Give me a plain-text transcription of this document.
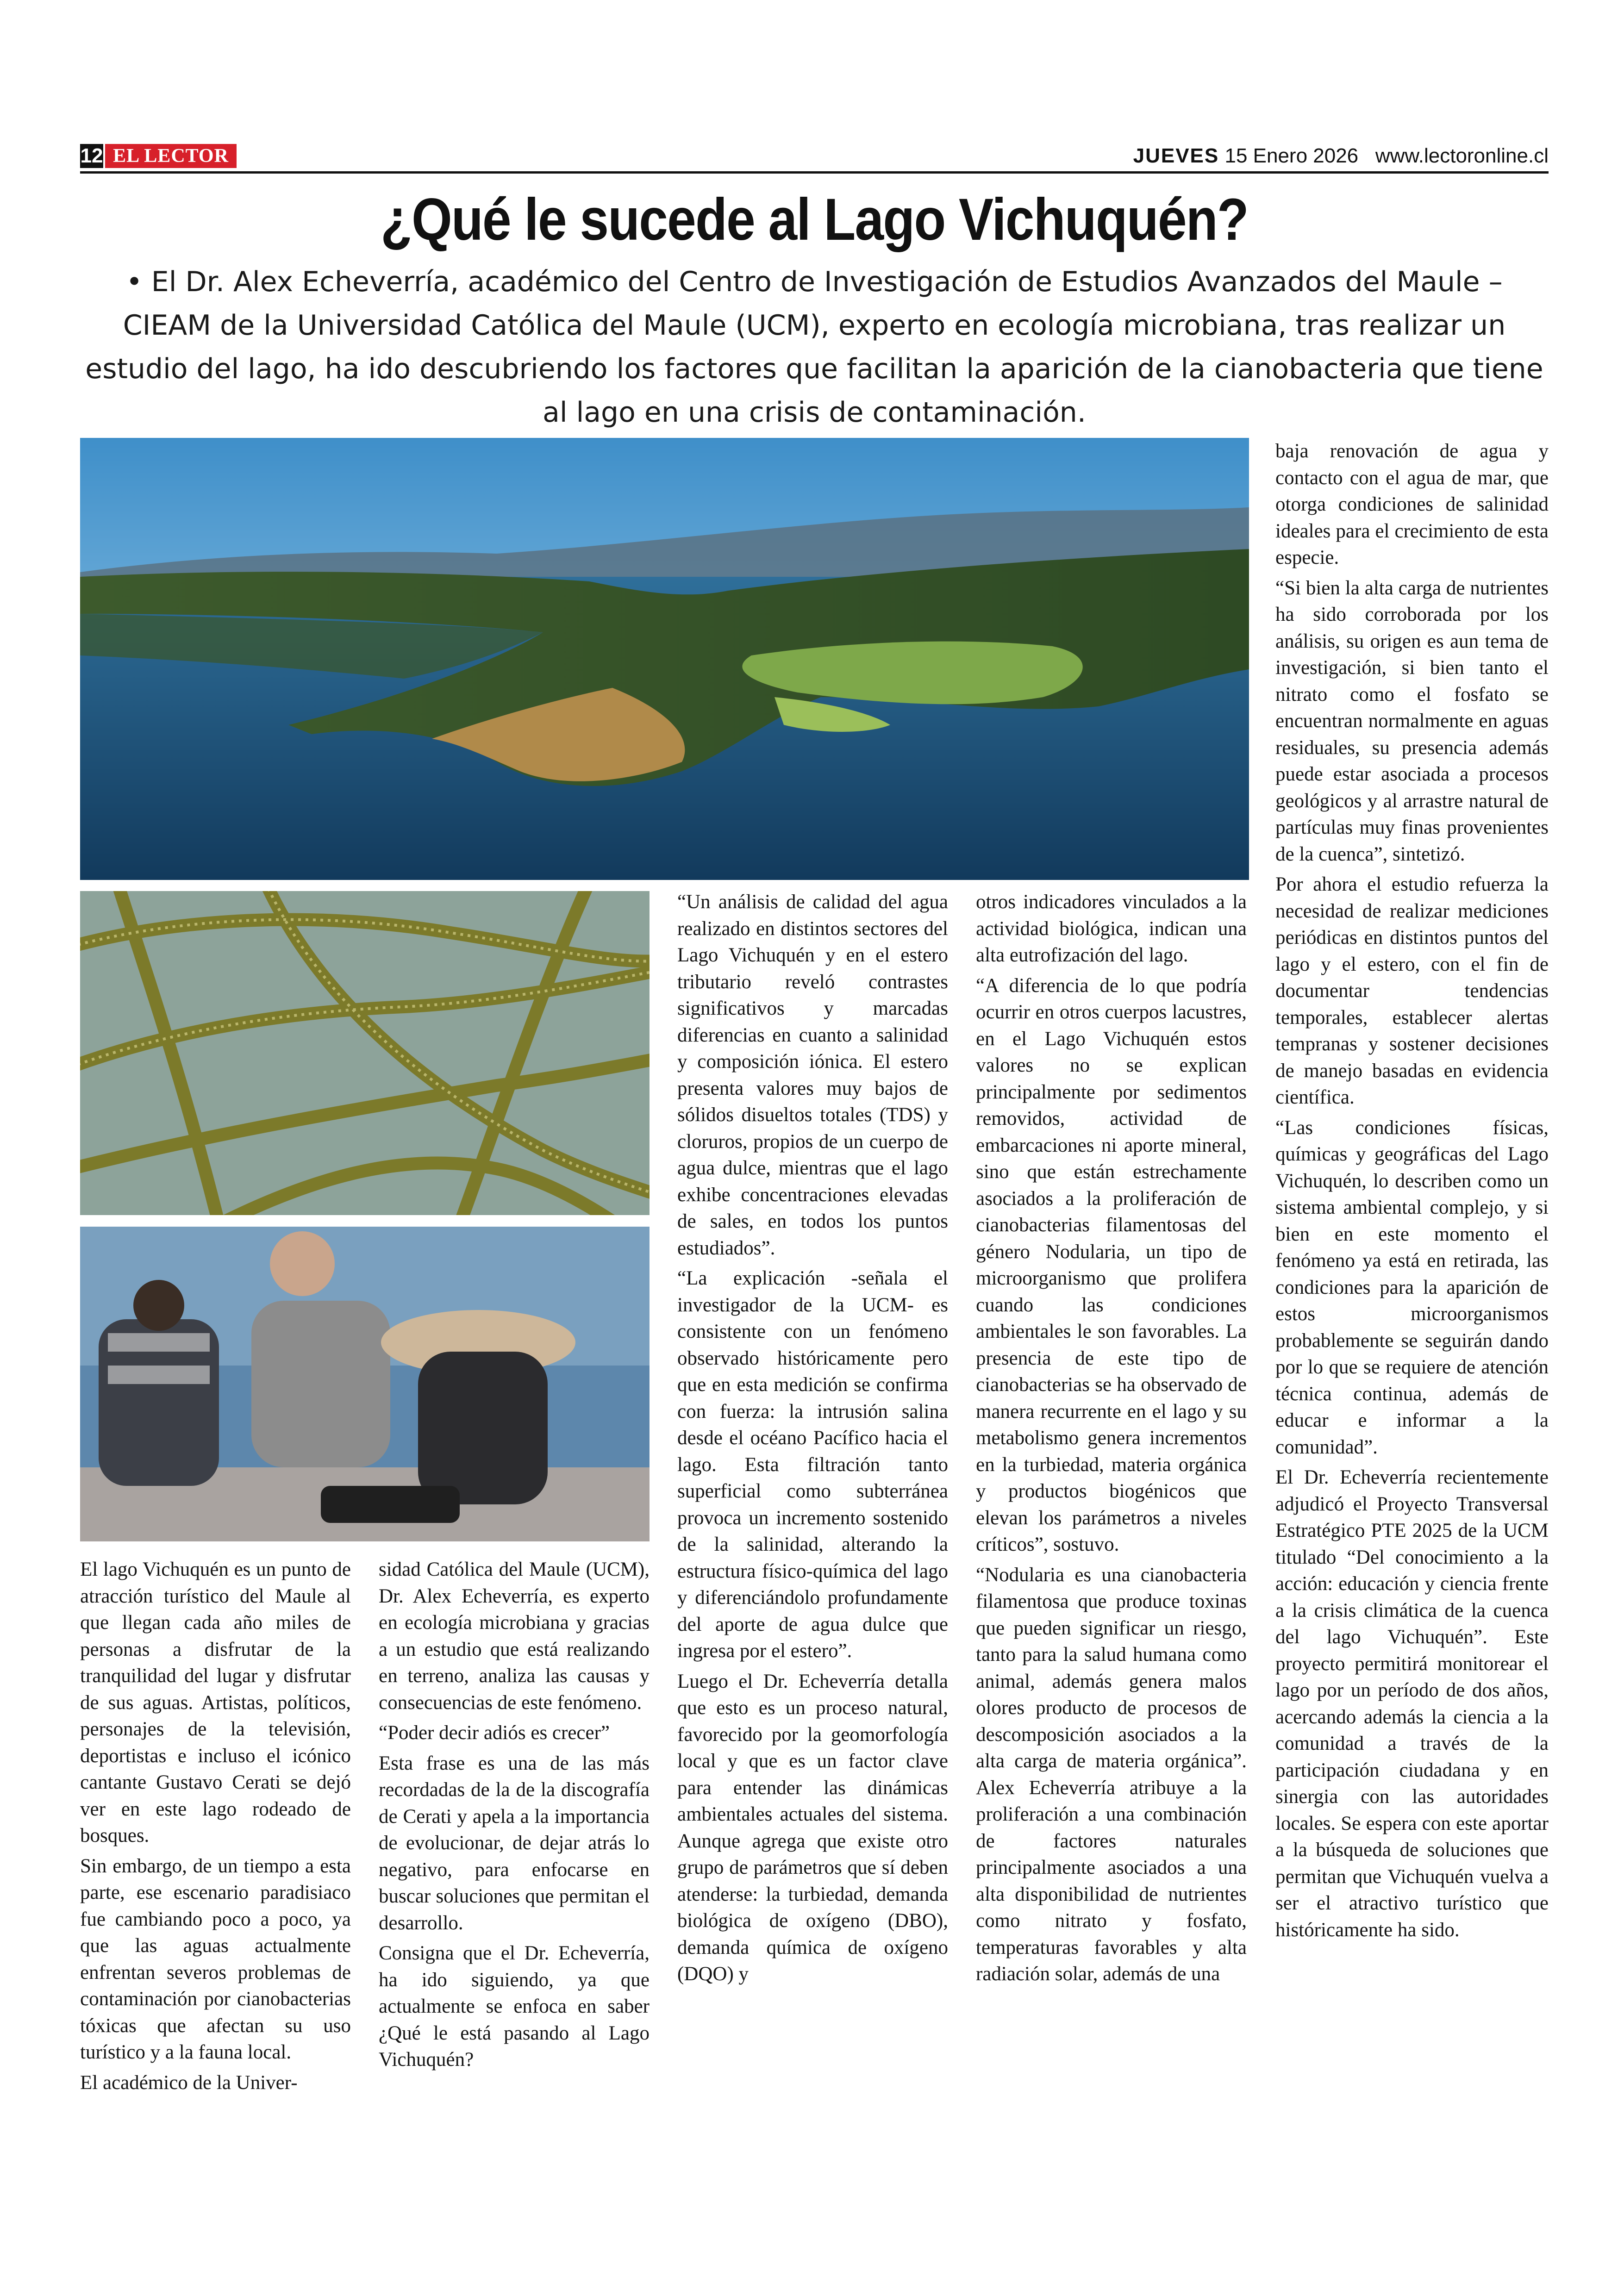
12 EL LECTOR	JUEVES 15 Enero 2026 www.lectoronline.cl
¿Qué le sucede al Lago Vichuquén?
• El Dr. Alex Echeverría, académico del Centro de Investigación de Estudios Avanzados del Maule – CIEAM de la Universidad Católica del Maule (UCM), experto en ecología microbiana, tras realizar un estudio del lago, ha ido descubriendo los factores que facilitan la aparición de la cianobacteria que tiene al lago en una crisis de contaminación.

El lago Vichuquén es un punto de atracción turístico del Maule al que llegan cada año miles de personas a disfrutar de la tranquilidad del lugar y disfrutar de sus aguas. Artistas, políticos, personajes de la televisión, deportistas e incluso el icónico cantante Gustavo Cerati se dejó ver en este lago rodeado de bosques.

Sin embargo, de un tiempo a esta parte, ese escenario paradisiaco fue cambiando poco a poco, ya que las aguas actualmente enfrentan severos problemas de contaminación por cianobacterias tóxicas que afectan su uso turístico y a la fauna local.

El académico de la Univer-

sidad Católica del Maule (UCM), Dr. Alex Echeverría, es experto en ecología microbiana y gracias a un estudio que está realizando en terreno, analiza las causas y consecuencias de este fenómeno.

“Poder decir adiós es crecer”

Esta frase es una de las más recordadas de la de la discografía de Cerati y apela a la importancia de evolucionar, de dejar atrás lo negativo, para enfocarse en buscar soluciones que permitan el desarrollo.

Consigna que el Dr. Echeverría, ha ido siguiendo, ya que actualmente se enfoca en saber ¿Qué le está pasando al Lago Vichuquén?

“Un análisis de calidad del agua realizado en distintos sectores del Lago Vichuquén y en el estero tributario reveló contrastes significativos y marcadas diferencias en cuanto a salinidad y composición iónica. El estero presenta valores muy bajos de sólidos disueltos totales (TDS) y cloruros, propios de un cuerpo de agua dulce, mientras que el lago exhibe concentraciones elevadas de sales, en todos los puntos estudiados”.

“La explicación -señala el investigador de la UCM- es consistente con un fenómeno observado históricamente pero que en esta medición se confirma con fuerza: la intrusión salina desde el océano Pacífico hacia el lago. Esta filtración tanto superficial como subterránea provoca un incremento sostenido de la salinidad, alterando la estructura físico-química del lago y diferenciándolo profundamente del aporte de agua dulce que ingresa por el estero”.

Luego el Dr. Echeverría detalla que esto es un proceso natural, favorecido por la geomorfología local y que es un factor clave para entender las dinámicas ambientales actuales del sistema. Aunque agrega que existe otro grupo de parámetros que sí deben atenderse: la turbiedad, demanda biológica de oxígeno (DBO), demanda química de oxígeno (DQO) y

otros indicadores vinculados a la actividad biológica, indican una alta eutrofización del lago.

“A diferencia de lo que podría ocurrir en otros cuerpos lacustres, en el Lago Vichuquén estos valores no se explican principalmente por sedimentos removidos, actividad de embarcaciones ni aporte mineral, sino que están estrechamente asociados a la proliferación de cianobacterias filamentosas del género Nodularia, un tipo de microorganismo que prolifera cuando las condiciones ambientales le son favorables. La presencia de este tipo de cianobacterias se ha observado de manera recurrente en el lago y su metabolismo genera incrementos en la turbiedad, materia orgánica y productos biogénicos que elevan los parámetros a niveles críticos”, sostuvo.

“Nodularia es una cianobacteria filamentosa que produce toxinas que pueden significar un riesgo, tanto para la salud humana como animal, además genera malos olores producto de procesos de descomposición asociados a la alta carga de materia orgánica”. Alex Echeverría atribuye a la proliferación a una combinación de factores naturales principalmente asociados a una alta disponibilidad de nutrientes como nitrato y fosfato, temperaturas favorables y alta radiación solar, además de una

baja renovación de agua y contacto con el agua de mar, que otorga condiciones de salinidad ideales para el crecimiento de esta especie.

“Si bien la alta carga de nutrientes ha sido corroborada por los análisis, su origen es aun tema de investigación, si bien tanto el nitrato como el fosfato se encuentran normalmente en aguas residuales, su presencia además puede estar asociada a procesos geológicos y al arrastre natural de partículas muy finas provenientes de la cuenca”, sintetizó.

Por ahora el estudio refuerza la necesidad de realizar mediciones periódicas en distintos puntos del lago y el estero, con el fin de documentar tendencias temporales, establecer alertas tempranas y sostener decisiones de manejo basadas en evidencia científica.

“Las condiciones físicas, químicas y geográficas del Lago Vichuquén, lo describen como un sistema ambiental complejo, y si bien en este momento el fenómeno ya está en retirada, las condiciones para la aparición de estos microorganismos probablemente se seguirán dando por lo que se requiere de atención técnica continua, además de educar e informar a la comunidad”.

El Dr. Echeverría recientemente adjudicó el Proyecto Transversal Estratégico PTE 2025 de la UCM titulado “Del conocimiento a la acción: educación y ciencia frente a la crisis climática de la cuenca del lago Vichuquén”. Este proyecto permitirá monitorear el lago por un período de dos años, acercando además la ciencia a la comunidad a través de la participación ciudadana y en sinergia con las autoridades locales. Se espera con este aportar a la búsqueda de soluciones que permitan que Vichuquén vuelva a ser el atractivo turístico que históricamente ha sido.
